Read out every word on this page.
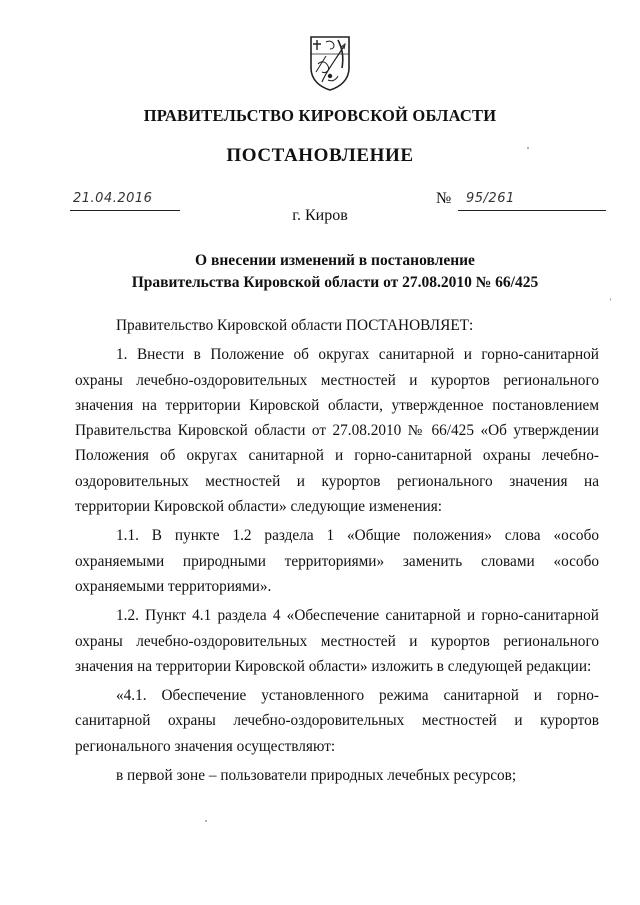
ПРАВИТЕЛЬСТВО КИРОВСКОЙ ОБЛАСТИ
ПОСТАНОВЛЕНИЕ
21.04.2016	№ 95/261
г. Киров
О внесении изменений в постановление
Правительства Кировской области от 27.08.2010 № 66/425

Правительство Кировской области ПОСТАНОВЛЯЕТ:

1. Внести в Положение об округах санитарной и горно-санитарной охраны лечебно-оздоровительных местностей и курортов регионального значения на территории Кировской области, утвержденное постановлением Правительства Кировской области от 27.08.2010 № 66/425 «Об утверждении Положения об округах санитарной и горно-санитарной охраны лечебно-оздоровительных местностей и курортов регионального значения на территории Кировской области» следующие изменения:

1.1. В пункте 1.2 раздела 1 «Общие положения» слова «особо охраняемыми природными территориями» заменить словами «особо охраняемыми территориями».

1.2. Пункт 4.1 раздела 4 «Обеспечение санитарной и горно-санитарной охраны лечебно-оздоровительных местностей и курортов регионального значения на территории Кировской области» изложить в следующей редакции:

«4.1. Обеспечение установленного режима санитарной и горно-санитарной охраны лечебно-оздоровительных местностей и курортов регионального значения осуществляют:

в первой зоне – пользователи природных лечебных ресурсов;
